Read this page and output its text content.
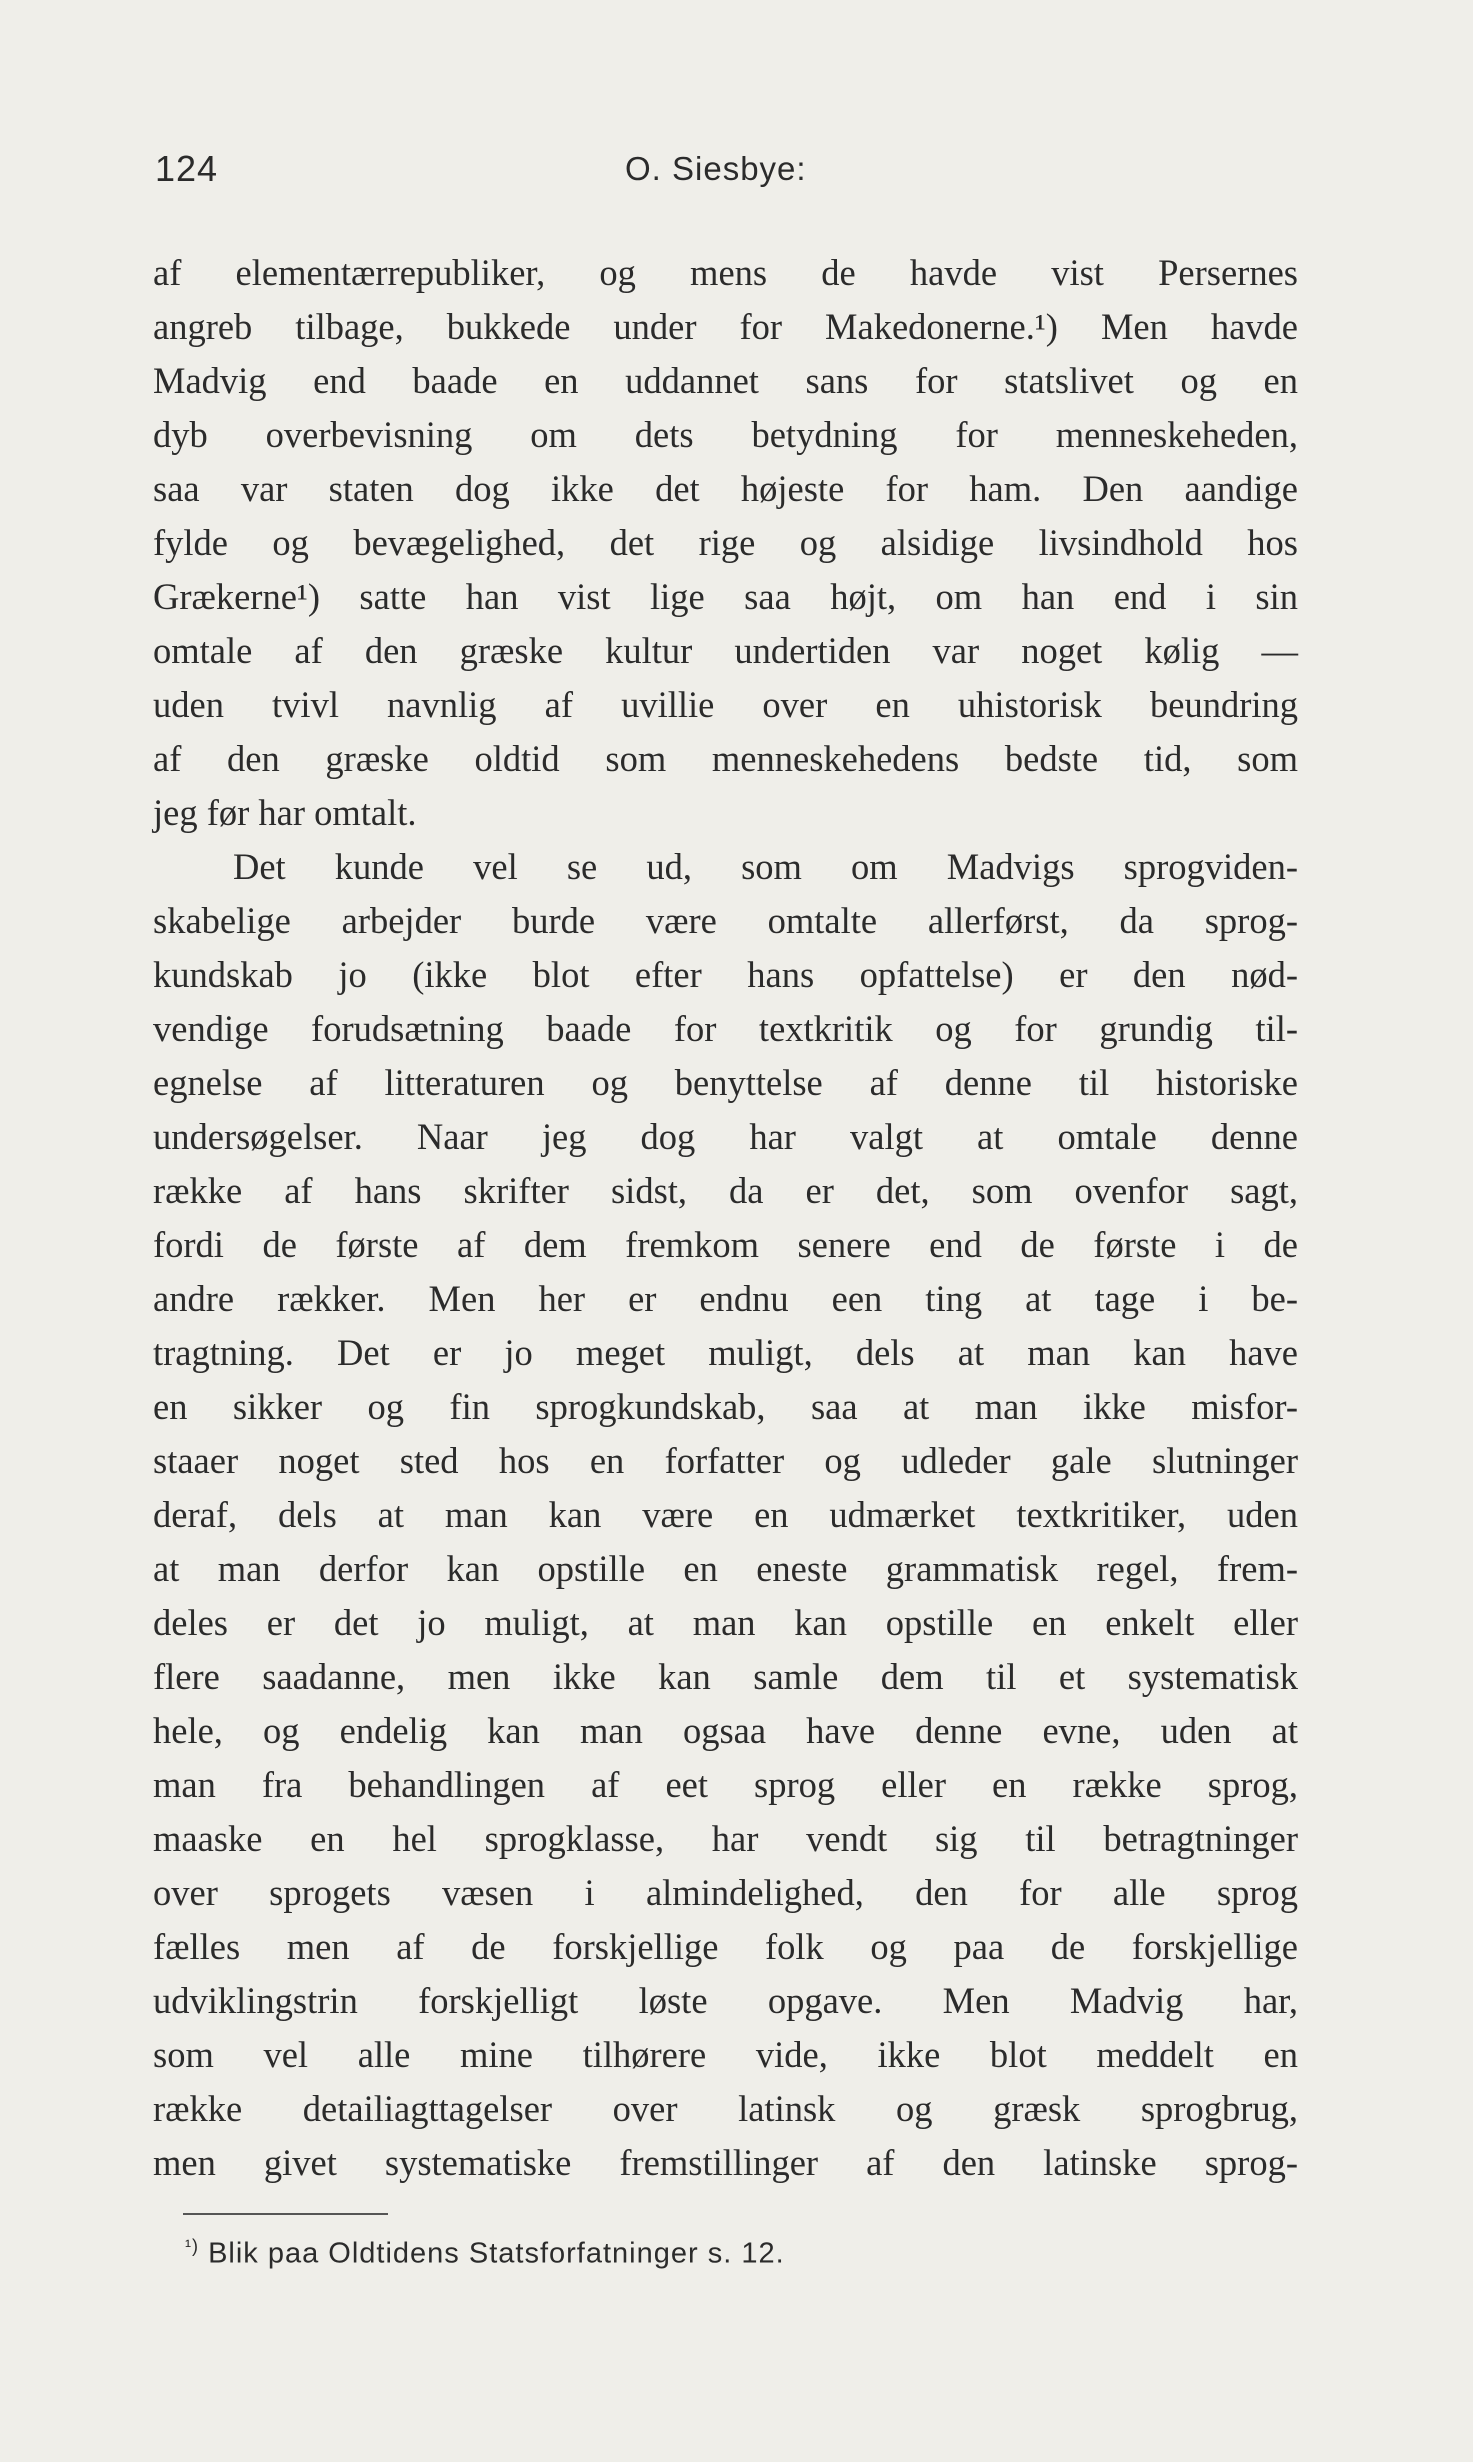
124	O. Siesbye:
af elementærrepubliker, og mens de havde vist Persernes
angreb tilbage, bukkede under for Makedonerne.¹) Men havde
Madvig end baade en uddannet sans for statslivet og en
dyb overbevisning om dets betydning for menneskeheden,
saa var staten dog ikke det højeste for ham. Den aandige
fylde og bevægelighed, det rige og alsidige livsindhold hos
Grækerne¹) satte han vist lige saa højt, om han end i sin
omtale af den græske kultur undertiden var noget kølig —
uden tvivl navnlig af uvillie over en uhistorisk beundring
af den græske oldtid som menneskehedens bedste tid, som
jeg før har omtalt.
Det kunde vel se ud, som om Madvigs sprogviden-
skabelige arbejder burde være omtalte allerførst, da sprog-
kundskab jo (ikke blot efter hans opfattelse) er den nød-
vendige forudsætning baade for textkritik og for grundig til-
egnelse af litteraturen og benyttelse af denne til historiske
undersøgelser. Naar jeg dog har valgt at omtale denne
række af hans skrifter sidst, da er det, som ovenfor sagt,
fordi de første af dem fremkom senere end de første i de
andre rækker. Men her er endnu een ting at tage i be-
tragtning. Det er jo meget muligt, dels at man kan have
en sikker og fin sprogkundskab, saa at man ikke misfor-
staaer noget sted hos en forfatter og udleder gale slutninger
deraf, dels at man kan være en udmærket textkritiker, uden
at man derfor kan opstille en eneste grammatisk regel, frem-
deles er det jo muligt, at man kan opstille en enkelt eller
flere saadanne, men ikke kan samle dem til et systematisk
hele, og endelig kan man ogsaa have denne evne, uden at
man fra behandlingen af eet sprog eller en række sprog,
maaske en hel sprogklasse, har vendt sig til betragtninger
over sprogets væsen i almindelighed, den for alle sprog
fælles men af de forskjellige folk og paa de forskjellige
udviklingstrin forskjelligt løste opgave. Men Madvig har,
som vel alle mine tilhørere vide, ikke blot meddelt en
række detailiagttagelser over latinsk og græsk sprogbrug,
men givet systematiske fremstillinger af den latinske sprog-
$^{^1)}$ Blik paa Oldtidens Statsforfatninger s. 12.
